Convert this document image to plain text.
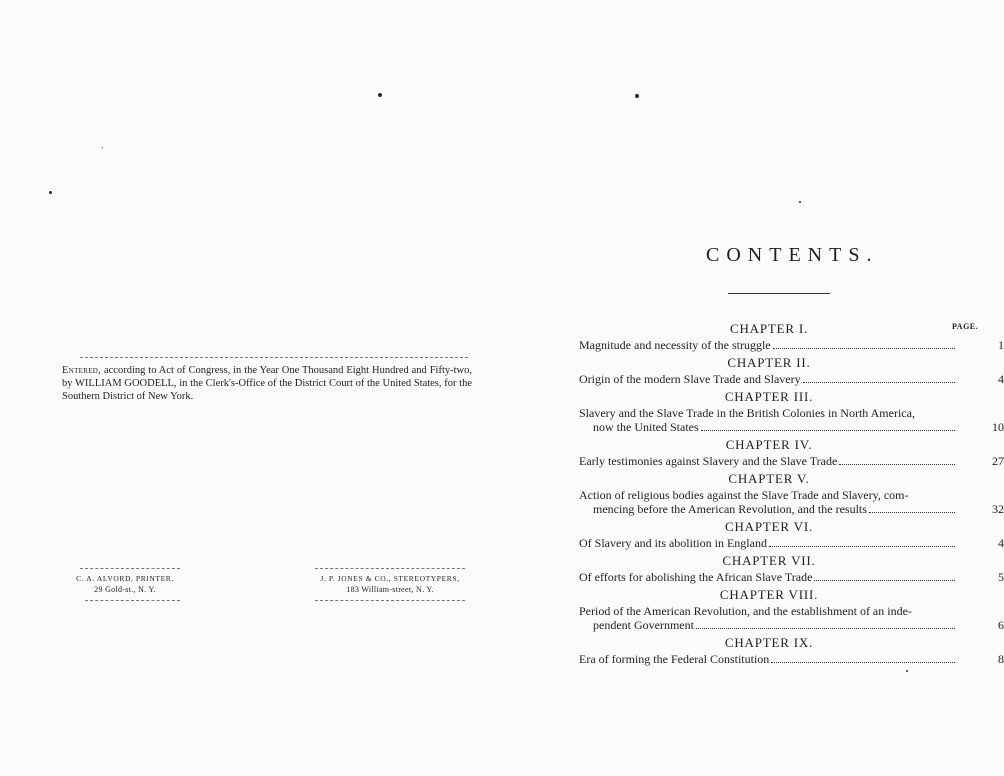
Entered, according to Act of Congress, in the Year One Thousand Eight Hundred and Fifty-two, by WILLIAM GOODELL, in the Clerk's-Office of the District Court of the United States, for the Southern District of New York.
C. A. ALVORD, PRINTER,
29 Gold-st., N. Y.
J. P. JONES & CO., STEREOTYPERS,
183 William-street, N. Y.
CONTENTS.
PAGE.
CHAPTER I.
Magnitude and necessity of the struggle	1
CHAPTER II.
Origin of the modern Slave Trade and Slavery	4
CHAPTER III.
Slavery and the Slave Trade in the British Colonies in North America,
now the United States	10
CHAPTER IV.
Early testimonies against Slavery and the Slave Trade	27
CHAPTER V.
Action of religious bodies against the Slave Trade and Slavery, com-
mencing before the American Revolution, and the results	32
CHAPTER VI.
Of Slavery and its abolition in England	4
CHAPTER VII.
Of efforts for abolishing the African Slave Trade	5
CHAPTER VIII.
Period of the American Revolution, and the establishment of an inde-
pendent Government	6
CHAPTER IX.
Era of forming the Federal Constitution	8
